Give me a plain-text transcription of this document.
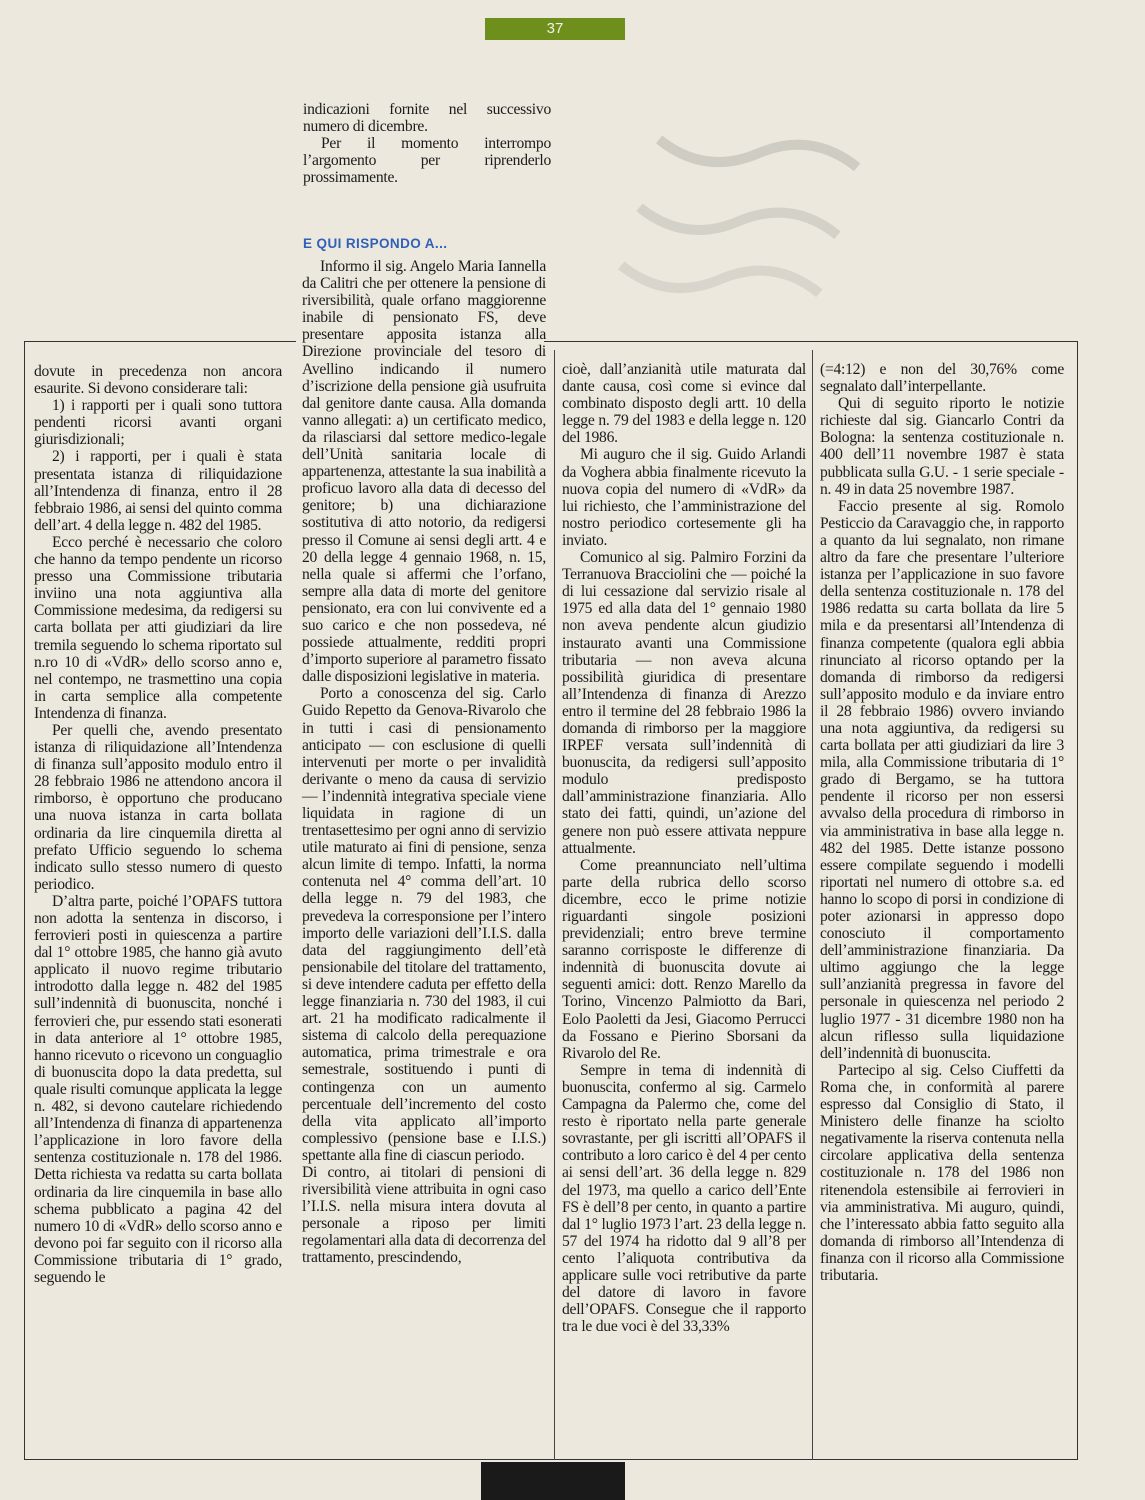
37

indicazioni fornite nel successivo numero di dicembre.

Per il momento interrompo l’argomento per riprenderlo prossimamente.

E QUI RISPONDO A...

dovute in precedenza non ancora esaurite. Si devono considerare tali:

1) i rapporti per i quali sono tuttora pendenti ricorsi avanti organi giurisdizionali;

2) i rapporti, per i quali è stata presentata istanza di riliquidazione all’Intendenza di finanza, entro il 28 febbraio 1986, ai sensi del quinto comma dell’art. 4 della legge n. 482 del 1985.

Ecco perché è necessario che coloro che hanno da tempo pendente un ricorso presso una Commissione tributaria inviino una nota aggiuntiva alla Commissione medesima, da redigersi su carta bollata per atti giudiziari da lire tremila seguendo lo schema riportato sul n.ro 10 di «VdR» dello scorso anno e, nel contempo, ne trasmettino una copia in carta semplice alla competente Intendenza di finanza.

Per quelli che, avendo presentato istanza di riliquidazione all’Intendenza di finanza sull’apposito modulo entro il 28 febbraio 1986 ne attendono ancora il rimborso, è opportuno che producano una nuova istanza in carta bollata ordinaria da lire cinquemila diretta al prefato Ufficio seguendo lo schema indicato sullo stesso numero di questo periodico.

D’altra parte, poiché l’OPAFS tuttora non adotta la sentenza in discorso, i ferrovieri posti in quiescenza a partire dal 1° ottobre 1985, che hanno già avuto applicato il nuovo regime tributario introdotto dalla legge n. 482 del 1985 sull’indennità di buonuscita, nonché i ferrovieri che, pur essendo stati esonerati in data anteriore al 1° ottobre 1985, hanno ricevuto o ricevono un conguaglio di buonuscita dopo la data predetta, sul quale risulti comunque applicata la legge n. 482, si devono cautelare richiedendo all’Intendenza di finanza di appartenenza l’applicazione in loro favore della sentenza costituzionale n. 178 del 1986. Detta richiesta va redatta su carta bollata ordinaria da lire cinquemila in base allo schema pubblicato a pagina 42 del numero 10 di «VdR» dello scorso anno e devono poi far seguito con il ricorso alla Commissione tributaria di 1° grado, seguendo le

Informo il sig. Angelo Maria Iannella da Calitri che per ottenere la pensione di riversibilità, quale orfano maggiorenne inabile di pensionato FS, deve presentare apposita istanza alla Direzione provinciale del tesoro di Avellino indicando il numero d’iscrizione della pensione già usufruita dal genitore dante causa. Alla domanda vanno allegati: a) un certificato medico, da rilasciarsi dal settore medico-legale dell’Unità sanitaria locale di appartenenza, attestante la sua inabilità a proficuo lavoro alla data di decesso del genitore; b) una dichiarazione sostitutiva di atto notorio, da redigersi presso il Comune ai sensi degli artt. 4 e 20 della legge 4 gennaio 1968, n. 15, nella quale si affermi che l’orfano, sempre alla data di morte del genitore pensionato, era con lui convivente ed a suo carico e che non possedeva, né possiede attualmente, redditi propri d’importo superiore al parametro fissato dalle disposizioni legislative in materia.

Porto a conoscenza del sig. Carlo Guido Repetto da Genova-Rivarolo che in tutti i casi di pensionamento anticipato — con esclusione di quelli intervenuti per morte o per invalidità derivante o meno da causa di servizio — l’indennità integrativa speciale viene liquidata in ragione di un trentasettesimo per ogni anno di servizio utile maturato ai fini di pensione, senza alcun limite di tempo. Infatti, la norma contenuta nel 4° comma dell’art. 10 della legge n. 79 del 1983, che prevedeva la corresponsione per l’intero importo delle variazioni dell’I.I.S. dalla data del raggiungimento dell’età pensionabile del titolare del trattamento, si deve intendere caduta per effetto della legge finanziaria n. 730 del 1983, il cui art. 21 ha modificato radicalmente il sistema di calcolo della perequazione automatica, prima trimestrale e ora semestrale, sostituendo i punti di contingenza con un aumento percentuale dell’incremento del costo della vita applicato all’importo complessivo (pensione base e I.I.S.) spettante alla fine di ciascun periodo.

Di contro, ai titolari di pensioni di riversibilità viene attribuita in ogni caso l’I.I.S. nella misura intera dovuta al personale a riposo per limiti regolamentari alla data di decorrenza del trattamento, prescindendo,

cioè, dall’anzianità utile maturata dal dante causa, così come si evince dal combinato disposto degli artt. 10 della legge n. 79 del 1983 e della legge n. 120 del 1986.

Mi auguro che il sig. Guido Arlandi da Voghera abbia finalmente ricevuto la nuova copia del numero di «VdR» da lui richiesto, che l’amministrazione del nostro periodico cortesemente gli ha inviato.

Comunico al sig. Palmiro Forzini da Terranuova Bracciolini che — poiché la di lui cessazione dal servizio risale al 1975 ed alla data del 1° gennaio 1980 non aveva pendente alcun giudizio instaurato avanti una Commissione tributaria — non aveva alcuna possibilità giuridica di presentare all’Intendenza di finanza di Arezzo entro il termine del 28 febbraio 1986 la domanda di rimborso per la maggiore IRPEF versata sull’indennità di buonuscita, da redigersi sull’apposito modulo predisposto dall’amministrazione finanziaria. Allo stato dei fatti, quindi, un’azione del genere non può essere attivata neppure attualmente.

Come preannunciato nell’ultima parte della rubrica dello scorso dicembre, ecco le prime notizie riguardanti singole posizioni previdenziali; entro breve termine saranno corrisposte le differenze di indennità di buonuscita dovute ai seguenti amici: dott. Renzo Marello da Torino, Vincenzo Palmiotto da Bari, Eolo Paoletti da Jesi, Giacomo Perrucci da Fossano e Pierino Sborsani da Rivarolo del Re.

Sempre in tema di indennità di buonuscita, confermo al sig. Carmelo Campagna da Palermo che, come del resto è riportato nella parte generale sovrastante, per gli iscritti all’OPAFS il contributo a loro carico è del 4 per cento ai sensi dell’art. 36 della legge n. 829 del 1973, ma quello a carico dell’Ente FS è dell’8 per cento, in quanto a partire dal 1° luglio 1973 l’art. 23 della legge n. 57 del 1974 ha ridotto dal 9 all’8 per cento l’aliquota contributiva da applicare sulle voci retributive da parte del datore di lavoro in favore dell’OPAFS. Consegue che il rapporto tra le due voci è del 33,33%

(=4:12) e non del 30,76% come segnalato dall’interpellante.

Qui di seguito riporto le notizie richieste dal sig. Giancarlo Contri da Bologna: la sentenza costituzionale n. 400 dell’11 novembre 1987 è stata pubblicata sulla G.U. - 1 serie speciale - n. 49 in data 25 novembre 1987.

Faccio presente al sig. Romolo Pesticcio da Caravaggio che, in rapporto a quanto da lui segnalato, non rimane altro da fare che presentare l’ulteriore istanza per l’applicazione in suo favore della sentenza costituzionale n. 178 del 1986 redatta su carta bollata da lire 5 mila e da presentarsi all’Intendenza di finanza competente (qualora egli abbia rinunciato al ricorso optando per la domanda di rimborso da redigersi sull’apposito modulo e da inviare entro il 28 febbraio 1986) ovvero inviando una nota aggiuntiva, da redigersi su carta bollata per atti giudiziari da lire 3 mila, alla Commissione tributaria di 1° grado di Bergamo, se ha tuttora pendente il ricorso per non essersi avvalso della procedura di rimborso in via amministrativa in base alla legge n. 482 del 1985. Dette istanze possono essere compilate seguendo i modelli riportati nel numero di ottobre s.a. ed hanno lo scopo di porsi in condizione di poter azionarsi in appresso dopo conosciuto il comportamento dell’amministrazione finanziaria. Da ultimo aggiungo che la legge sull’anzianità pregressa in favore del personale in quiescenza nel periodo 2 luglio 1977 - 31 dicembre 1980 non ha alcun riflesso sulla liquidazione dell’indennità di buonuscita.

Partecipo al sig. Celso Ciuffetti da Roma che, in conformità al parere espresso dal Consiglio di Stato, il Ministero delle finanze ha sciolto negativamente la riserva contenuta nella circolare applicativa della sentenza costituzionale n. 178 del 1986 non ritenendola estensibile ai ferrovieri in via amministrativa. Mi auguro, quindi, che l’interessato abbia fatto seguito alla domanda di rimborso all’Intendenza di finanza con il ricorso alla Commissione tributaria.
